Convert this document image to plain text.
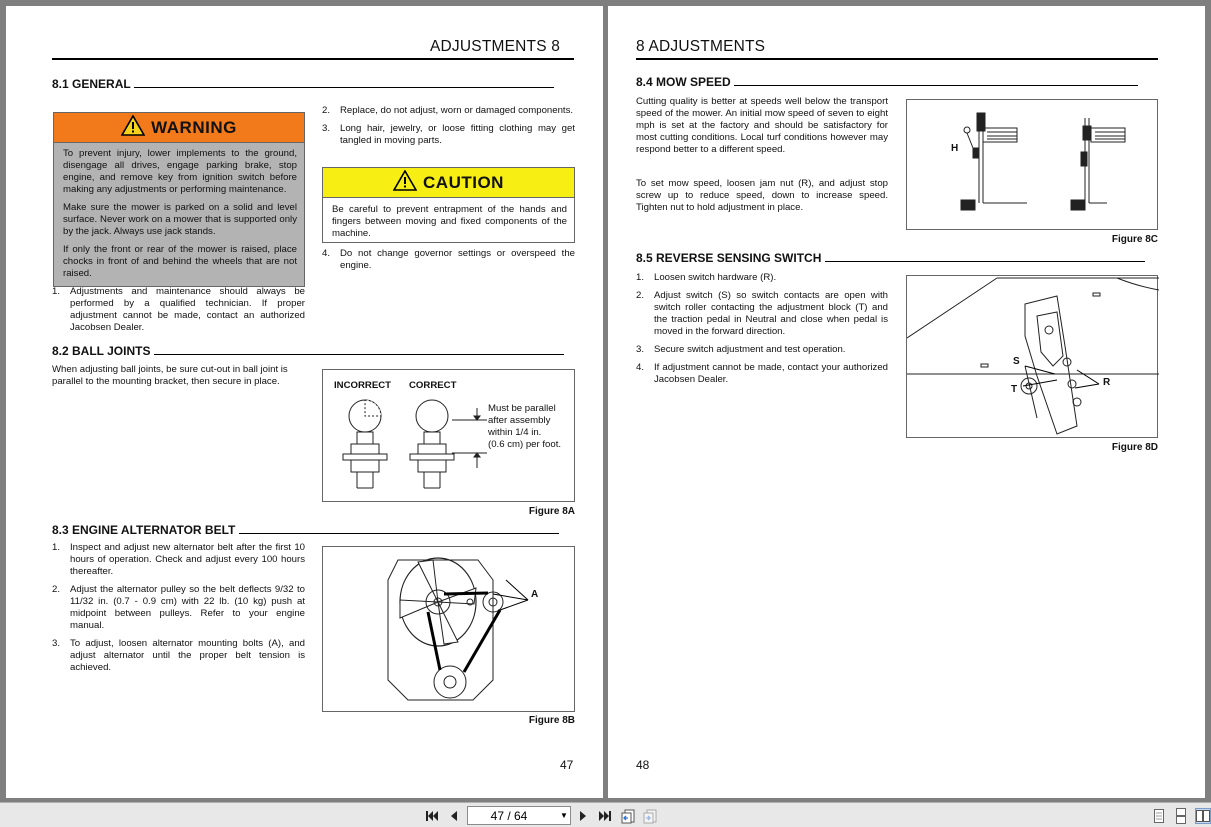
ADJUSTMENTS 8
8.1 GENERAL
WARNING

To prevent injury, lower implements to the ground, disengage all drives, engage parking brake, stop engine, and remove key from ignition switch before making any adjustments or performing maintenance.

Make sure the mower is parked on a solid and level surface. Never work on a mower that is supported only by the jack. Always use jack stands.

If only the front or rear of the mower is raised, place chocks in front of and behind the wheels that are not raised.

1.	Adjustments and maintenance should always be performed by a qualified technician. If proper adjustment cannot be made, contact an authorized Jacobsen Dealer.
2.	Replace, do not adjust, worn or damaged components.
3.	Long hair, jewelry, or loose fitting clothing may get tangled in moving parts.
CAUTION
Be careful to prevent entrapment of the hands and fingers between moving and fixed components of the machine.
4.	Do not change governor settings or overspeed the engine.
8.2 BALL JOINTS
When adjusting ball joints, be sure cut-out in ball joint is parallel to the mounting bracket, then secure in place.	INCORRECT CORRECT
Must be parallel
after assembly
within 1/4 in.
(0.6 cm) per foot.
Figure 8A
8.3 ENGINE ALTERNATOR BELT
1.	Inspect and adjust new alternator belt after the first 10 hours of operation. Check and adjust every 100 hours thereafter.
2.	Adjust the alternator pulley so the belt deflects 9/32 to 11/32 in. (0.7 - 0.9 cm) with 22 lb. (10 kg) push at midpoint between pulleys. Refer to your engine manual.
3.	To adjust, loosen alternator mounting bolts (A), and adjust alternator until the proper belt tension is achieved.
A
Figure 8B
47
8 ADJUSTMENTS
8.4 MOW SPEED
Cutting quality is better at speeds well below the transport speed of the mower. An initial mow speed of seven to eight mph is set at the factory and should be satisfactory for most cutting conditions. Local turf conditions however may respond better to a different speed.
To set mow speed, loosen jam nut (R), and adjust stop screw up to reduce speed, down to increase speed. Tighten nut to hold adjustment in place.
H
Figure 8C
8.5 REVERSE SENSING SWITCH
1.	Loosen switch hardware (R).
2.	Adjust switch (S) so switch contacts are open with switch roller contacting the adjustment block (T) and the traction pedal in Neutral and close when pedal is moved in the forward direction.
3.	Secure switch adjustment and test operation.
4.	If adjustment cannot be made, contact your authorized Jacobsen Dealer.
S
T
R
Figure 8D
48
47 / 64	▼
